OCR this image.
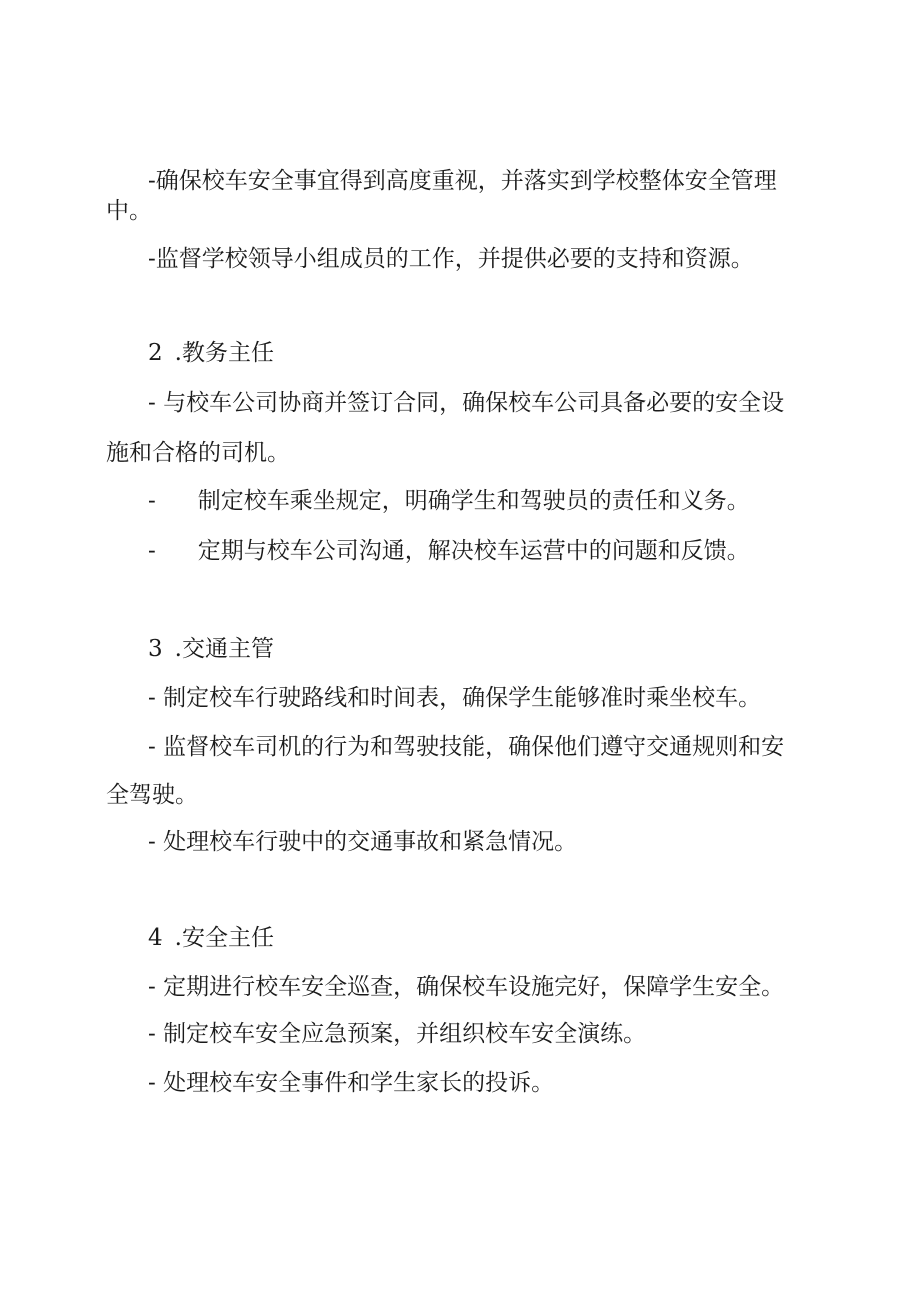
-确保校车安全事宜得到高度重视，并落实到学校整体安全管理

中。

-监督学校领导小组成员的工作，并提供必要的支持和资源。

2 .教务主任

- 与校车公司协商并签订合同，确保校车公司具备必要的安全设

施和合格的司机。

- 制定校车乘坐规定，明确学生和驾驶员的责任和义务。

- 定期与校车公司沟通，解决校车运营中的问题和反馈。

3 .交通主管

- 制定校车行驶路线和时间表，确保学生能够准时乘坐校车。

- 监督校车司机的行为和驾驶技能，确保他们遵守交通规则和安

全驾驶。

- 处理校车行驶中的交通事故和紧急情况。

4 .安全主任

- 定期进行校车安全巡查，确保校车设施完好，保障学生安全。

- 制定校车安全应急预案，并组织校车安全演练。

- 处理校车安全事件和学生家长的投诉。
